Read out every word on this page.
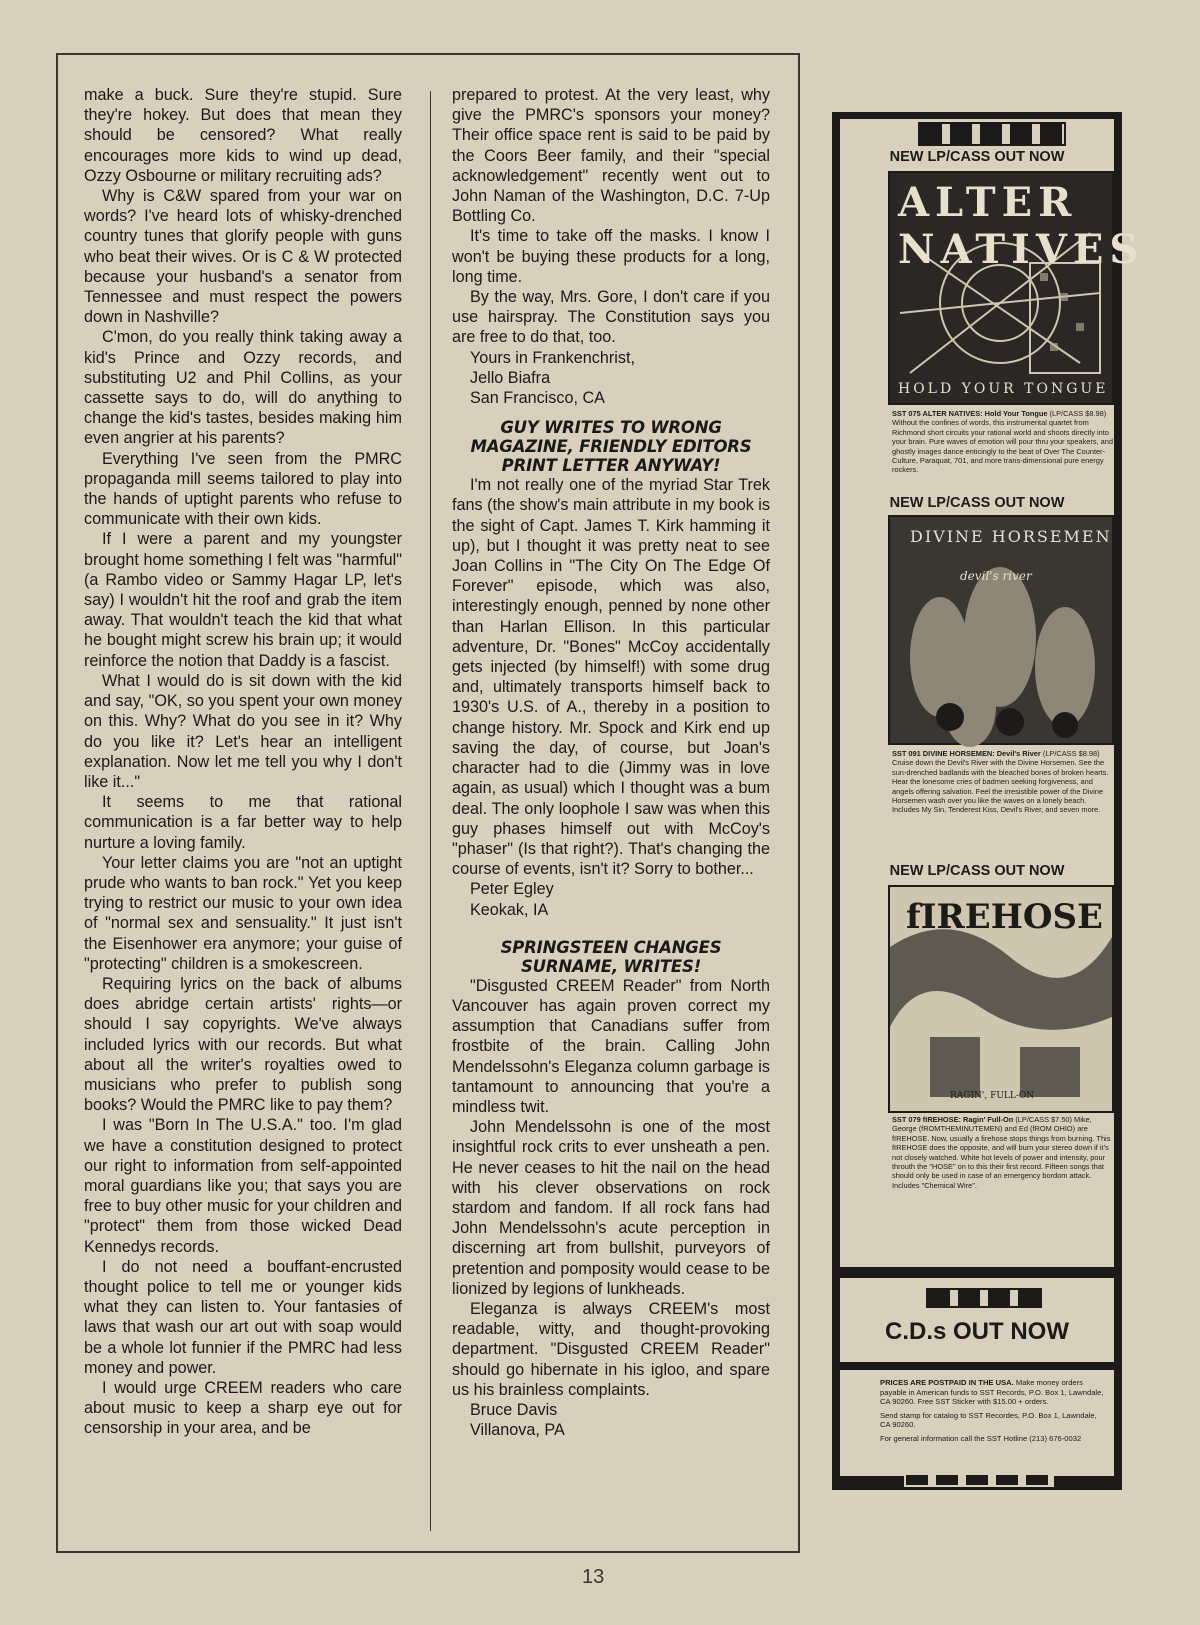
make a buck. Sure they're stupid. Sure they're hokey. But does that mean they should be censored? What really encourages more kids to wind up dead, Ozzy Osbourne or military recruiting ads?

Why is C&W spared from your war on words? I've heard lots of whisky-drenched country tunes that glorify people with guns who beat their wives. Or is C & W protected because your husband's a senator from Tennessee and must respect the powers down in Nashville?

C'mon, do you really think taking away a kid's Prince and Ozzy records, and substituting U2 and Phil Collins, as your cassette says to do, will do anything to change the kid's tastes, besides making him even angrier at his parents?

Everything I've seen from the PMRC propaganda mill seems tailored to play into the hands of uptight parents who refuse to communicate with their own kids.

If I were a parent and my youngster brought home something I felt was "harmful" (a Rambo video or Sammy Hagar LP, let's say) I wouldn't hit the roof and grab the item away. That wouldn't teach the kid that what he bought might screw his brain up; it would reinforce the notion that Daddy is a fascist.

What I would do is sit down with the kid and say, "OK, so you spent your own money on this. Why? What do you see in it? Why do you like it? Let's hear an intelligent explanation. Now let me tell you why I don't like it..."

It seems to me that rational communication is a far better way to help nurture a loving family.

Your letter claims you are "not an uptight prude who wants to ban rock." Yet you keep trying to restrict our music to your own idea of "normal sex and sensuality." It just isn't the Eisenhower era anymore; your guise of "protecting" children is a smokescreen.

Requiring lyrics on the back of albums does abridge certain artists' rights—or should I say copyrights. We've always included lyrics with our records. But what about all the writer's royalties owed to musicians who prefer to publish song books? Would the PMRC like to pay them?

I was "Born In The U.S.A." too. I'm glad we have a constitution designed to protect our right to information from self-appointed moral guardians like you; that says you are free to buy other music for your children and "protect" them from those wicked Dead Kennedys records.

I do not need a bouffant-encrusted thought police to tell me or younger kids what they can listen to. Your fantasies of laws that wash our art out with soap would be a whole lot funnier if the PMRC had less money and power.

I would urge CREEM readers who care about music to keep a sharp eye out for censorship in your area, and be

prepared to protest. At the very least, why give the PMRC's sponsors your money? Their office space rent is said to be paid by the Coors Beer family, and their "special acknowledgement" recently went out to John Naman of the Washington, D.C. 7-Up Bottling Co.

It's time to take off the masks. I know I won't be buying these products for a long, long time.

By the way, Mrs. Gore, I don't care if you use hairspray. The Constitution says you are free to do that, too.

Yours in Frankenchrist,

Jello Biafra

San Francisco, CA

GUY WRITES TO WRONG MAGAZINE, FRIENDLY EDITORS PRINT LETTER ANYWAY!

I'm not really one of the myriad Star Trek fans (the show's main attribute in my book is the sight of Capt. James T. Kirk hamming it up), but I thought it was pretty neat to see Joan Collins in "The City On The Edge Of Forever" episode, which was also, interestingly enough, penned by none other than Harlan Ellison. In this particular adventure, Dr. "Bones" McCoy accidentally gets injected (by himself!) with some drug and, ultimately transports himself back to 1930's U.S. of A., thereby in a position to change history. Mr. Spock and Kirk end up saving the day, of course, but Joan's character had to die (Jimmy was in love again, as usual) which I thought was a bum deal. The only loophole I saw was when this guy phases himself out with McCoy's "phaser" (Is that right?). That's changing the course of events, isn't it? Sorry to bother...

Peter Egley

Keokak, IA

SPRINGSTEEN CHANGES SURNAME, WRITES!

"Disgusted CREEM Reader" from North Vancouver has again proven correct my assumption that Canadians suffer from frostbite of the brain. Calling John Mendelssohn's Eleganza column garbage is tantamount to announcing that you're a mindless twit.

John Mendelssohn is one of the most insightful rock crits to ever unsheath a pen. He never ceases to hit the nail on the head with his clever observations on rock stardom and fandom. If all rock fans had John Mendelssohn's acute perception in discerning art from bullshit, purveyors of pretention and pomposity would cease to be lionized by legions of lunkheads.

Eleganza is always CREEM's most readable, witty, and thought-provoking department. "Disgusted CREEM Reader" should go hibernate in his igloo, and spare us his brainless complaints.

Bruce Davis

Villanova, PA

NEW LP/CASS OUT NOW
ALTER NATIVES
HOLD YOUR TONGUE
SST 075 ALTER NATIVES: Hold Your Tongue (LP/CASS $8.98) Without the confines of words, this instrumental quartet from Richmond short circuits your rational world and shoots directly into your brain. Pure waves of emotion will pour thru your speakers, and ghostly images dance enticingly to the beat of Over The Counter-Culture, Paraquat, 701, and more trans-dimensional pure energy rockers.
NEW LP/CASS OUT NOW
DIVINE HORSEMEN
devil's river
SST 091 DIVINE HORSEMEN: Devil's River (LP/CASS $8.98) Cruise down the Devil's River with the Divine Horsemen. See the sun-drenched badlands with the bleached bones of broken hearts. Hear the lonesome cries of badmen seeking forgiveness, and angels offering salvation. Feel the irresistible power of the Divine Horsemen wash over you like the waves on a lonely beach. Includes My Sin, Tenderest Kiss, Devil's River, and seven more.
NEW LP/CASS OUT NOW
fIREHOSE
RAGIN', FULL-ON
SST 079 fIREHOSE: Ragin' Full-On (LP/CASS $7.50) Mike, George (fROMTHEMINUTEMEN) and Ed (fROM OHIO) are fIREHOSE. Now, usually a firehose stops things from burning. This fIREHOSE does the opposite, and will burn your stereo down if it's not closely watched. White hot levels of power and intensity, pour throuth the "HOSE" on to this their first record. Fifteen songs that should only be used in case of an emergency bordom attack. Includes "Chemical Wire".
C.D.s OUT NOW

PRICES ARE POSTPAID IN THE USA. Make money orders payable in American funds to SST Records, P.O. Box 1, Lawndale, CA 90260. Free SST Sticker with $15.00 + orders.

Send stamp for catalog to SST Recordes, P.O. Box 1, Lawndale, CA 90260.

For general information call the SST Hotline (213) 676-0032

13
